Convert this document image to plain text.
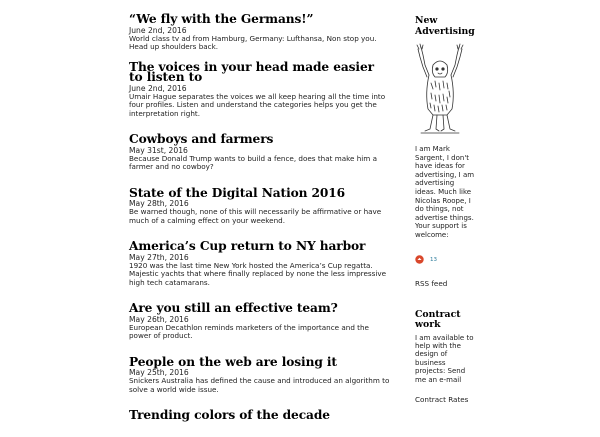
“We fly with the Germans!”
June 2nd, 2016
World class tv ad from Hamburg, Germany: Lufthansa, Non stop you. Head up shoulders back.
The voices in your head made easier to listen to
June 2nd, 2016
Umair Hague separates the voices we all keep hearing all the time into four profiles. Listen and understand the categories helps you get the interpretation right.
Cowboys and farmers
May 31st, 2016
Because Donald Trump wants to build a fence, does that make him a farmer and no cowboy?
State of the Digital Nation 2016
May 28th, 2016
Be warned though, none of this will necessarily be affirmative or have much of a calming effect on your weekend.
America’s Cup return to NY harbor
May 27th, 2016
1920 was the last time New York hosted the America’s Cup regatta. Majestic yachts that where finally replaced by none the less impressive high tech catamarans.
Are you still an effective team?
May 26th, 2016
European Decathlon reminds marketers of the importance and the power of product.
People on the web are losing it
May 25th, 2016
Snickers Australia has defined the cause and introduced an algorithm to solve a world wide issue.
Trending colors of the decade
New Advertising
I am Mark Sargent, I don't have ideas for advertising, I am advertising ideas. Much like Nicolas Roope, I do things, not advertise things. Your support is welcome:
13
RSS feed
Contract work
I am available to help with the design of business projects: Send me an e-mail
Contract Rates
